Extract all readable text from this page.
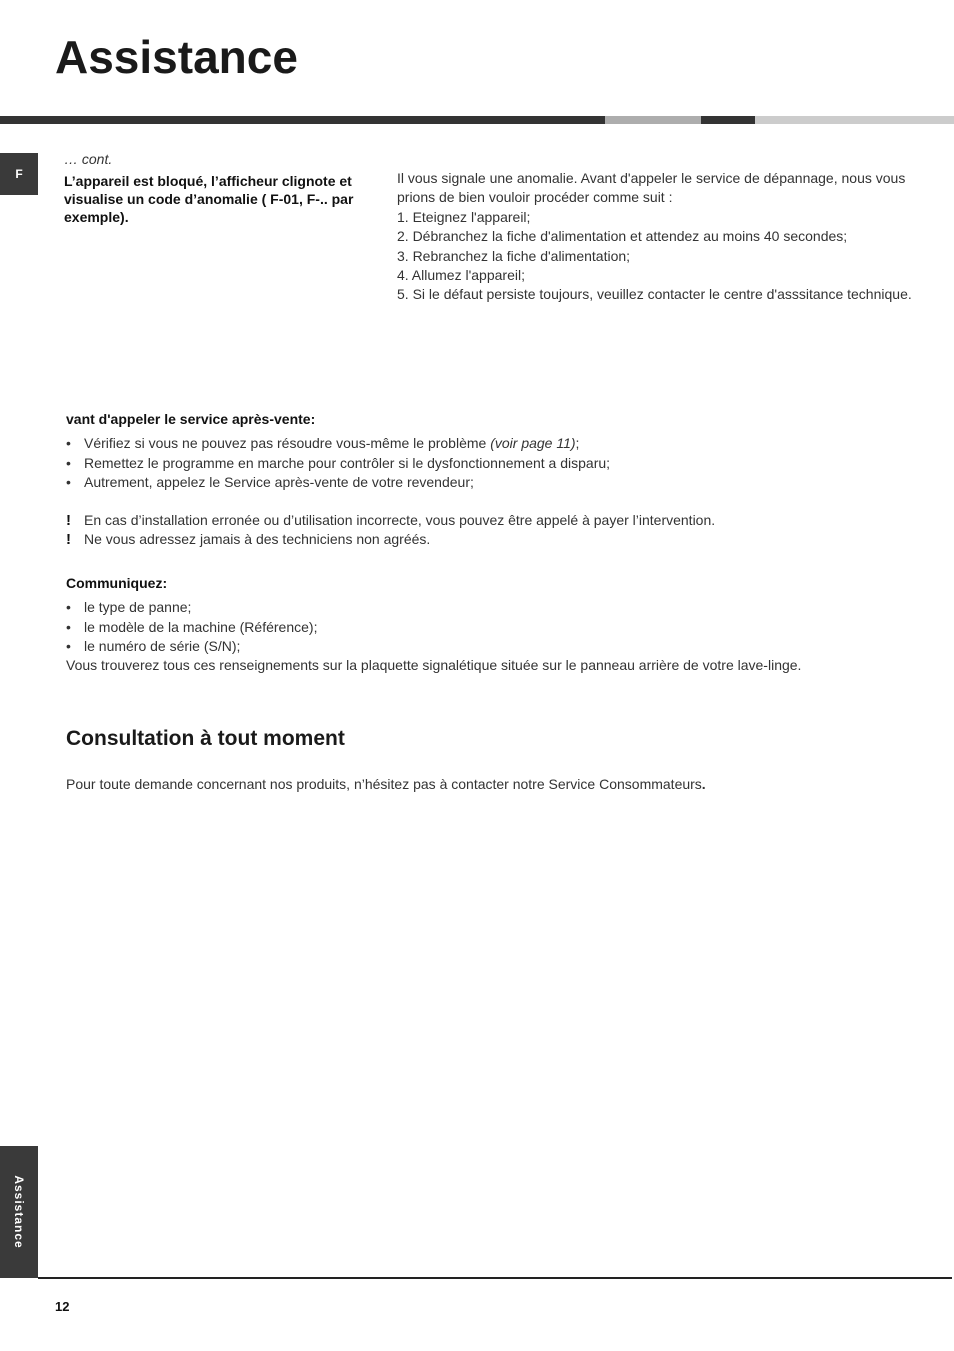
Assistance
F
… cont.
L’appareil est bloqué, l’afficheur clignote et visualise un code d’anomalie ( F-01, F-.. par exemple).
Il vous signale une anomalie. Avant d'appeler le service de dépannage, nous vous prions de bien vouloir procéder comme suit :
1. Eteignez l'appareil;
2. Débranchez la fiche d'alimentation et attendez au moins 40 secondes;
3. Rebranchez la fiche d'alimentation;
4. Allumez l'appareil;
5. Si le défaut persiste toujours, veuillez contacter le centre d'asssitance technique.
vant d'appeler le service après-vente:
• Vérifiez si vous ne pouvez pas résoudre vous-même le problème (voir page 11);
• Remettez le programme en marche pour contrôler si le dysfonctionnement a disparu;
• Autrement, appelez le Service après-vente de votre revendeur;
! En cas d’installation erronée ou d’utilisation incorrecte, vous pouvez être appelé à payer l’intervention.
! Ne vous adressez jamais à des techniciens non agréés.
Communiquez:
• le type de panne;
• le modèle de la machine (Référence);
• le numéro de série (S/N);
Vous trouverez tous ces renseignements sur la plaquette signalétique située sur le panneau arrière de votre lave-linge.
Consultation à tout moment
Pour toute demande concernant nos produits, n’hésitez pas à contacter notre Service Consommateurs.
Assistance
12
